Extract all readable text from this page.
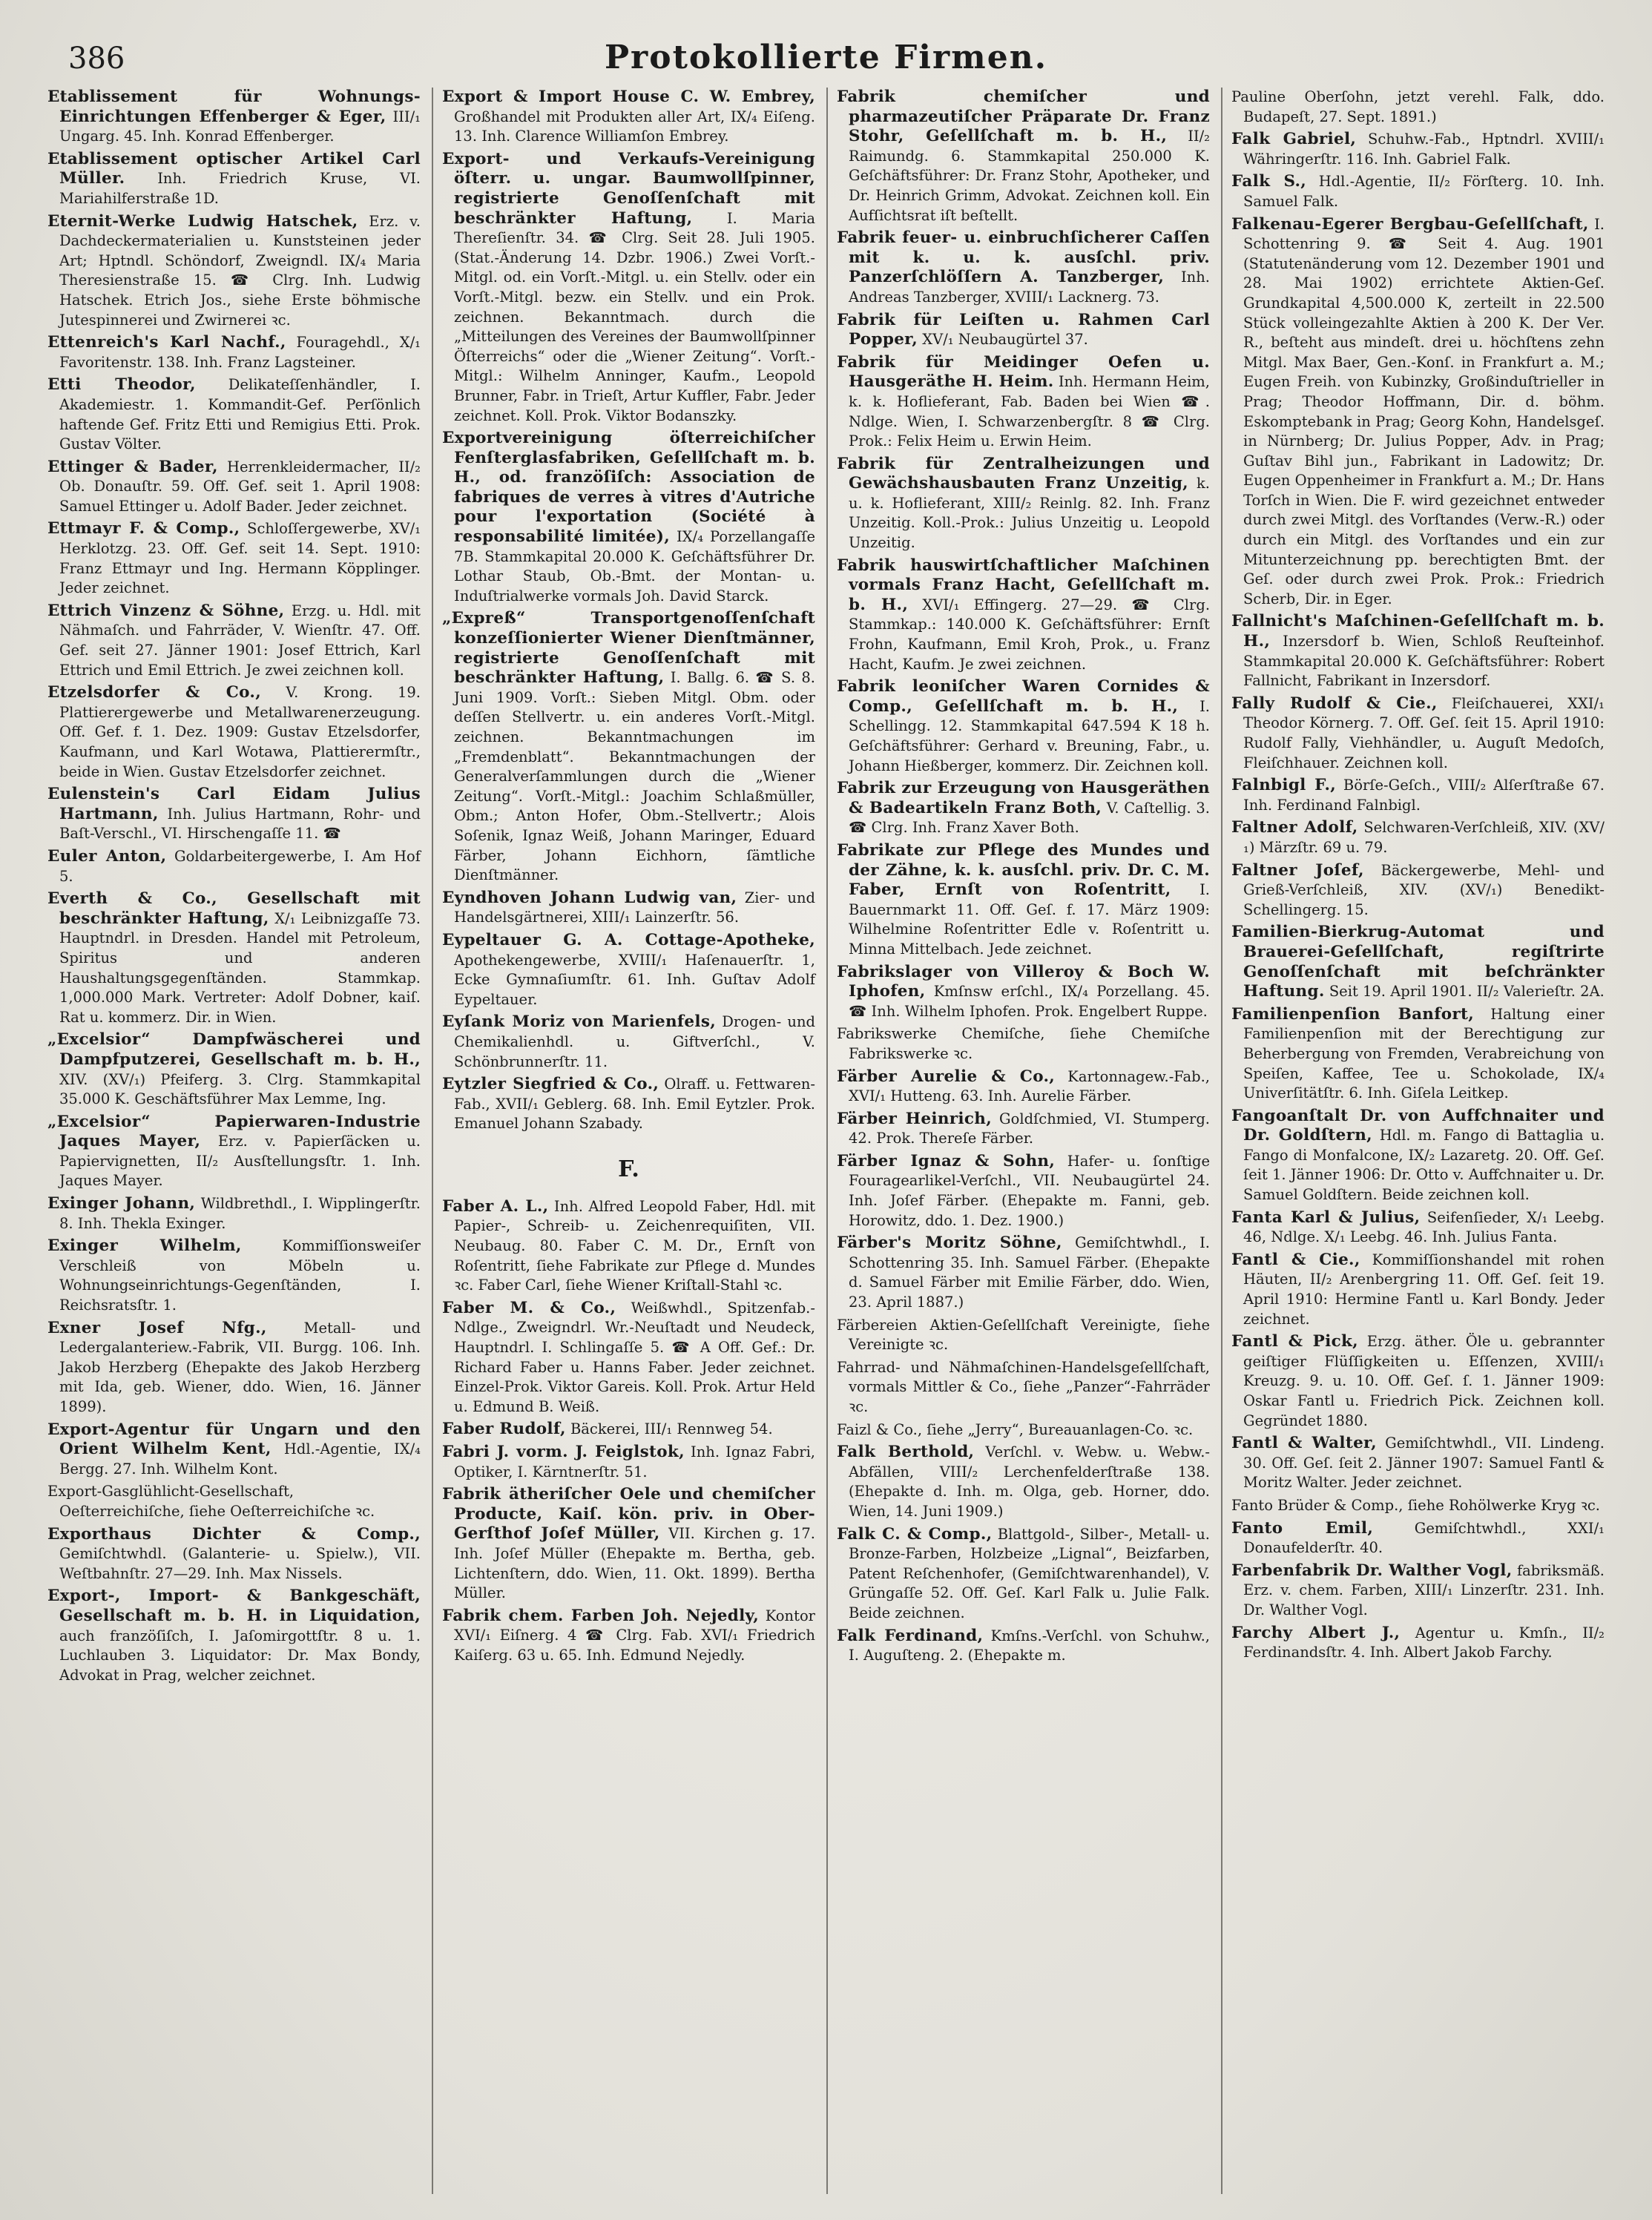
386	Protokollierte Firmen.

Etablissement für Wohnungs-Einrichtungen Effenberger & Eger, III/₁ Ungarg. 45. Inh. Konrad Effenberger.

Etablissement optischer Artikel Carl Müller. Inh. Friedrich Kruse, VI. Mariahilferstraße 1D.

Eternit-Werke Ludwig Hatschek, Erz. v. Dachdeckermaterialien u. Kunststeinen jeder Art; Hptndl. Schöndorf, Zweigndl. IX/₄ Maria Theresienstraße 15. ☎ Clrg. Inh. Ludwig Hatschek. Etrich Jos., siehe Erste böhmische Jutespinnerei und Zwirnerei ꝛc.

Ettenreich's Karl Nachf., Fouragehdl., X/₁ Favoritenstr. 138. Inh. Franz Lagsteiner.

Etti Theodor, Delikateſſenhändler, I. Akademiestr. 1. Kommandit-Gef. Perſönlich haftende Gef. Fritz Etti und Remigius Etti. Prok. Gustav Völter.

Ettinger & Bader, Herrenkleidermacher, II/₂ Ob. Donauſtr. 59. Off. Gef. seit 1. April 1908: Samuel Ettinger u. Adolf Bader. Jeder zeichnet.

Ettmayr F. & Comp., Schloſſergewerbe, XV/₁ Herklotzg. 23. Off. Gef. seit 14. Sept. 1910: Franz Ettmayr und Ing. Hermann Köpplinger. Jeder zeichnet.

Ettrich Vinzenz & Söhne, Erzg. u. Hdl. mit Nähmaſch. und Fahrräder, V. Wienſtr. 47. Off. Gef. seit 27. Jänner 1901: Josef Ettrich, Karl Ettrich und Emil Ettrich. Je zwei zeichnen koll.

Etzelsdorfer & Co., V. Krong. 19. Plattierergewerbe und Metallwarenerzeugung. Off. Gef. f. 1. Dez. 1909: Gustav Etzelsdorfer, Kaufmann, und Karl Wotawa, Plattierermſtr., beide in Wien. Gustav Etzelsdorfer zeichnet.

Eulenstein's Carl Eidam Julius Hartmann, Inh. Julius Hartmann, Rohr- und Baſt-Verschl., VI. Hirschengaſſe 11. ☎

Euler Anton, Goldarbeitergewerbe, I. Am Hof 5.

Everth & Co., Gesellschaft mit beschränkter Haftung, X/₁ Leibnizgaſſe 73. Hauptndrl. in Dresden. Handel mit Petroleum, Spiritus und anderen Haushaltungsgegenſtänden. Stammkap. 1,000.000 Mark. Vertreter: Adolf Dobner, kaiſ. Rat u. kommerz. Dir. in Wien.

„Excelsior“ Dampfwäscherei und Dampfputzerei, Gesellschaft m. b. H., XIV. (XV/₁) Pfeiferg. 3. Clrg. Stammkapital 35.000 K. Geschäftsführer Max Lemme, Ing.

„Excelsior“ Papierwaren-Industrie Jaques Mayer, Erz. v. Papierſäcken u. Papiervignetten, II/₂ Ausſtellungsſtr. 1. Inh. Jaques Mayer.

Exinger Johann, Wildbrethdl., I. Wipplingerſtr. 8. Inh. Thekla Exinger.

Exinger Wilhelm,	Kommiſſionsweiſer Verschleiß von Möbeln u. Wohnungseinrichtungs-Gegenſtänden, I. Reichsratsſtr. 1.

Exner Josef Nfg.,	Metall- und Ledergalanteriew.-Fabrik, VII. Burgg. 106. Inh. Jakob Herzberg (Ehepakte des Jakob Herzberg mit Ida, geb. Wiener, ddo. Wien, 16. Jänner 1899).

Export-Agentur für Ungarn und den Orient Wilhelm Kent, Hdl.-Agentie, IX/₄ Bergg. 27. Inh. Wilhelm Kont.

Export-Gasglühlicht-Gesellschaft, Oeſterreichiſche, ſiehe Oeſterreichiſche ꝛc.

Exporthaus Dichter & Comp., Gemiſchtwhdl. (Galanterie- u. Spielw.), VII. Weſtbahnſtr. 27—29. Inh. Max Nissels.

Export-, Import- & Bankgeschäft, Gesellschaft m. b. H. in Liquidation, auch franzöſiſch, I. Jaſomirgottſtr. 8 u. 1. Luchlauben 3. Liquidator: Dr. Max Bondy, Advokat in Prag, welcher zeichnet.

Export & Import House C. W. Embrey, Großhandel mit Produkten aller Art, IX/₄ Eiſeng. 13. Inh. Clarence Williamſon Embrey.

Export- und Verkaufs-Vereinigung öſterr. u. ungar. Baumwollſpinner, registrierte Genoſſenſchaft mit beschränkter Haftung, I. Maria Thereſienſtr. 34. ☎ Clrg. Seit 28. Juli 1905. (Stat.-Änderung 14. Dzbr. 1906.) Zwei Vorſt.-Mitgl. od. ein Vorſt.-Mitgl. u. ein Stellv. oder ein Vorſt.-Mitgl. bezw. ein Stellv. und ein Prok. zeichnen. Bekanntmach. durch die „Mitteilungen des Vereines der Baumwollſpinner Öſterreichs“ oder die „Wiener Zeitung“. Vorſt.-Mitgl.: Wilhelm Anninger, Kaufm., Leopold Brunner, Fabr. in Trieſt, Artur Kuffler, Fabr. Jeder zeichnet. Koll. Prok. Viktor Bodanszky.

Exportvereinigung öſterreichiſcher Fenſterglasfabriken, Geſellſchaft m. b. H., od. franzöſiſch: Association de fabriques de verres à vitres d'Autriche pour l'exportation (Société à responsabilité limitée), IX/₄ Porzellangaſſe 7B. Stammkapital 20.000 K. Geſchäftsführer Dr. Lothar Staub, Ob.-Bmt. der Montan- u. Induſtrialwerke vormals Joh. David Starck.

„Expreß“ Transportgenoſſenſchaft konzeſſionierter Wiener Dienſtmänner, registrierte Genoſſenſchaft mit beschränkter Haftung, I. Ballg. 6. ☎ S. 8. Juni 1909. Vorſt.: Sieben Mitgl. Obm. oder deſſen Stellvertr. u. ein anderes Vorſt.-Mitgl. zeichnen. Bekanntmachungen im „Fremdenblatt“. Bekanntmachungen der Generalverſammlungen durch die „Wiener Zeitung“. Vorſt.-Mitgl.: Joachim Schlaßmüller, Obm.; Anton Hofer, Obm.-Stellvertr.; Alois Soſenik, Ignaz Weiß, Johann Maringer, Eduard Färber, Johann Eichhorn, ſämtliche Dienſtmänner.

Eyndhoven Johann Ludwig van, Zier- und Handelsgärtnerei, XIII/₁ Lainzerſtr. 56.

Eypeltauer G. A. Cottage-Apotheke, Apothekengewerbe, XVIII/₁ Haſenauerſtr. 1, Ecke Gymnaſiumſtr. 61. Inh. Guſtav Adolf Eypeltauer.

Eyſank Moriz von Marienfels, Drogen- und Chemikalienhdl. u. Giftverſchl., V. Schönbrunnerſtr. 11.

Eytzler Siegfried & Co., Olraff. u. Fettwaren-Fab., XVII/₁ Geblerg. 68. Inh. Emil Eytzler. Prok. Emanuel Johann Szabady.

F.

Faber A. L., Inh. Alfred Leopold Faber, Hdl. mit Papier-, Schreib- u. Zeichenrequiſiten, VII. Neubaug. 80. Faber C. M. Dr., Ernſt von Roſentritt, ſiehe Fabrikate zur Pflege d. Mundes ꝛc. Faber Carl, ſiehe Wiener Kriſtall-Stahl ꝛc.

Faber M. & Co., Weißwhdl., Spitzenfab.-Ndlge., Zweigndrl. Wr.-Neuſtadt und Neudeck, Hauptndrl. I. Schlingaſſe 5. ☎ A Off. Gef.: Dr. Richard Faber u. Hanns Faber. Jeder zeichnet. Einzel-Prok. Viktor Gareis. Koll. Prok. Artur Held u. Edmund B. Weiß.

Faber Rudolf, Bäckerei, III/₁ Rennweg 54.

Fabri J. vorm. J. Feiglstok, Inh. Ignaz Fabri, Optiker, I. Kärntnerſtr. 51.

Fabrik ätheriſcher Oele und chemiſcher Producte, Kaiſ. kön. priv. in Ober-Gerſthof Joſef Müller, VII. Kirchen g. 17. Inh. Joſef Müller (Ehepakte m. Bertha, geb. Lichtenſtern, ddo. Wien, 11. Okt. 1899). Bertha Müller.

Fabrik chem. Farben Joh. Nejedly, Kontor XVI/₁ Eiſnerg. 4 ☎ Clrg. Fab. XVI/₁ Friedrich Kaiſerg. 63 u. 65. Inh. Edmund Nejedly.

Fabrik chemiſcher und pharmazeutiſcher Präparate Dr. Franz Stohr, Geſellſchaft m. b. H., II/₂ Raimundg. 6. Stammkapital 250.000 K. Geſchäftsführer: Dr. Franz Stohr, Apotheker, und Dr. Heinrich Grimm, Advokat. Zeichnen koll. Ein Aufſichtsrat iſt beſtellt.

Fabrik feuer- u. einbruchſicherer Caſſen mit k. u. k. ausſchl. priv. Panzerſchlöſſern A. Tanzberger, Inh. Andreas Tanzberger, XVIII/₁ Lacknerg. 73.

Fabrik für Leiſten u. Rahmen Carl Popper, XV/₁ Neubaugürtel 37.

Fabrik für Meidinger Oefen u. Hausgeräthe H. Heim. Inh. Hermann Heim, k. k. Hoflieferant, Fab. Baden bei Wien ☎. Ndlge. Wien, I. Schwarzenbergſtr. 8 ☎ Clrg. Prok.: Felix Heim u. Erwin Heim.

Fabrik für Zentralheizungen und Gewächshausbauten Franz Unzeitig, k. u. k. Hoflieferant, XIII/₂ Reinlg. 82. Inh. Franz Unzeitig. Koll.-Prok.: Julius Unzeitig u. Leopold Unzeitig.

Fabrik hauswirtſchaftlicher Maſchinen vormals Franz Hacht, Geſellſchaft m. b. H., XVI/₁ Effingerg. 27—29. ☎ Clrg. Stammkap.: 140.000 K. Geſchäftsführer: Ernſt Frohn, Kaufmann, Emil Kroh, Prok., u. Franz Hacht, Kaufm. Je zwei zeichnen.

Fabrik leoniſcher Waren Cornides & Comp., Geſellſchaft m. b. H., I. Schellingg. 12. Stammkapital 647.594 K 18 h. Geſchäftsführer: Gerhard v. Breuning, Fabr., u. Johann Hießberger, kommerz. Dir. Zeichnen koll.

Fabrik zur Erzeugung von Hausgeräthen & Badeartikeln Franz Both, V. Caſtellig. 3. ☎ Clrg. Inh. Franz Xaver Both.

Fabrikate zur Pflege des Mundes und der Zähne, k. k. ausſchl. priv. Dr. C. M. Faber, Ernſt von Roſentritt, I. Bauernmarkt 11. Off. Geſ. f. 17. März 1909: Wilhelmine Roſentritter Edle v. Roſentritt u. Minna Mittelbach. Jede zeichnet.

Fabrikslager von Villeroy & Boch W. Iphofen, Kmſnsw erſchl., IX/₄ Porzellang. 45. ☎ Inh. Wilhelm Iphofen. Prok. Engelbert Ruppe.

Fabrikswerke Chemiſche, ſiehe Chemiſche Fabrikswerke ꝛc.

Färber Aurelie & Co., Kartonnagew.-Fab., XVI/₁ Hutteng. 63. Inh. Aurelie Färber.

Färber Heinrich, Goldſchmied, VI. Stumperg. 42. Prok. Thereſe Färber.

Färber Ignaz & Sohn, Hafer- u. ſonſtige Fouragearlikel-Verſchl., VII. Neubaugürtel 24. Inh. Joſef Färber. (Ehepakte m. Fanni, geb. Horowitz, ddo. 1. Dez. 1900.)

Färber's Moritz Söhne, Gemiſchtwhdl., I. Schottenring 35. Inh. Samuel Färber. (Ehepakte d. Samuel Färber mit Emilie Färber, ddo. Wien, 23. April 1887.)

Färbereien Aktien-Geſellſchaft Vereinigte, ſiehe Vereinigte ꝛc.

Fahrrad- und Nähmaſchinen-Handelsgeſellſchaft, vormals Mittler & Co., ſiehe „Panzer“-Fahrräder ꝛc.

Faizl & Co., ſiehe „Jerry“, Bureauanlagen-Co. ꝛc.

Falk Berthold, Verſchl. v. Webw. u. Webw.-Abfällen, VIII/₂ Lerchenfelderſtraße 138. (Ehepakte d. Inh. m. Olga, geb. Horner, ddo. Wien, 14. Juni 1909.)

Falk C. & Comp., Blattgold-, Silber-, Metall- u. Bronze-Farben, Holzbeize „Lignal“, Beizfarben, Patent Reſchenhofer, (Gemiſchtwarenhandel), V. Grüngaſſe 52. Off. Geſ. Karl Falk u. Julie Falk. Beide zeichnen.

Falk Ferdinand, Kmſns.-Verſchl. von Schuhw., I. Auguſteng. 2. (Ehepakte m.

Pauline Oberſohn, jetzt verehl. Falk, ddo. Budapeſt, 27. Sept. 1891.)

Falk Gabriel, Schuhw.-Fab., Hptndrl. XVIII/₁ Währingerſtr. 116. Inh. Gabriel Falk.

Falk S., Hdl.-Agentie, II/₂ Förſterg. 10. Inh. Samuel Falk.

Falkenau-Egerer Bergbau-Geſellſchaft, I. Schottenring 9. ☎ Seit 4. Aug. 1901 (Statutenänderung vom 12. Dezember 1901 und 28. Mai 1902) errichtete Aktien-Geſ. Grundkapital 4,500.000 K, zerteilt in 22.500 Stück volleingezahlte Aktien à 200 K. Der Ver. R., beſteht aus mindeſt. drei u. höchſtens zehn Mitgl. Max Baer, Gen.-Konſ. in Frankfurt a. M.; Eugen Freih. von Kubinzky, Großinduſtrieller in Prag; Theodor Hoffmann, Dir. d. böhm. Eskomptebank in Prag; Georg Kohn, Handelsgeſ. in Nürnberg; Dr. Julius Popper, Adv. in Prag; Guſtav Bihl jun., Fabrikant in Ladowitz; Dr. Eugen Oppenheimer in Frankfurt a. M.; Dr. Hans Torſch in Wien. Die F. wird gezeichnet entweder durch zwei Mitgl. des Vorſtandes (Verw.-R.) oder durch ein Mitgl. des Vorſtandes und ein zur Mitunterzeichnung pp. berechtigten Bmt. der Geſ. oder durch zwei Prok. Prok.: Friedrich Scherb, Dir. in Eger.

Fallnicht's Maſchinen-Geſellſchaft m. b. H., Inzersdorf b. Wien, Schloß Reuſteinhof. Stammkapital 20.000 K. Geſchäftsführer: Robert Fallnicht, Fabrikant in Inzersdorf.

Fally Rudolf & Cie., Fleiſchauerei, XXI/₁ Theodor Körnerg. 7. Off. Geſ. ſeit 15. April 1910: Rudolf Fally, Viehhändler, u. Auguſt Medoſch, Fleiſchhauer. Zeichnen koll.

Falnbigl F., Börſe-Geſch., VIII/₂ Alſerſtraße 67. Inh. Ferdinand Falnbigl.

Faltner Adolf, Selchwaren-Verſchleiß, XIV. (XV/₁) Märzſtr. 69 u. 79.

Faltner Joſef, Bäckergewerbe, Mehl- und Grieß-Verſchleiß, XIV. (XV/₁) Benedikt-Schellingerg. 15.

Familien-Bierkrug-Automat und Brauerei-Geſellſchaft, regiſtrirte Genoſſenſchaft mit beſchränkter Haftung. Seit 19. April 1901. II/₂ Valerieſtr. 2A.

Familienpenſion Banfort, Haltung einer Familienpenſion mit der Berechtigung zur Beherbergung von Fremden, Verabreichung von Speiſen, Kaffee, Tee u. Schokolade, IX/₄ Univerſitätſtr. 6. Inh. Giſela Leitkep.

Fangoanſtalt Dr. von Auffchnaiter und Dr. Goldſtern, Hdl. m. Fango di Battaglia u. Fango di Monfalcone, IX/₂ Lazaretg. 20. Off. Geſ. ſeit 1. Jänner 1906: Dr. Otto v. Auffchnaiter u. Dr. Samuel Goldſtern. Beide zeichnen koll.

Fanta Karl & Julius, Seifenſieder, X/₁ Leebg. 46, Ndlge. X/₁ Leebg. 46. Inh. Julius Fanta.

Fantl & Cie., Kommiſſionshandel mit rohen Häuten, II/₂ Arenbergring 11. Off. Geſ. ſeit 19. April 1910: Hermine Fantl u. Karl Bondy. Jeder zeichnet.

Fantl & Pick, Erzg. äther. Öle u. gebrannter geiſtiger Flüſſigkeiten u. Eſſenzen, XVIII/₁ Kreuzg. 9. u. 10. Off. Geſ. ſ. 1. Jänner 1909: Oskar Fantl u. Friedrich Pick. Zeichnen koll. Gegründet 1880.

Fantl & Walter, Gemiſchtwhdl., VII. Lindeng. 30. Off. Geſ. ſeit 2. Jänner 1907: Samuel Fantl & Moritz Walter. Jeder zeichnet.

Fanto Brüder & Comp., ſiehe Rohölwerke Kryg ꝛc.

Fanto Emil,	Gemiſchtwhdl., XXI/₁ Donaufelderſtr. 40.

Farbenfabrik Dr. Walther Vogl, fabriksmäß. Erz. v. chem. Farben, XIII/₁ Linzerſtr. 231. Inh. Dr. Walther Vogl.

Farchy Albert J., Agentur u. Kmſn., II/₂ Ferdinandsſtr. 4. Inh. Albert Jakob Farchy.
